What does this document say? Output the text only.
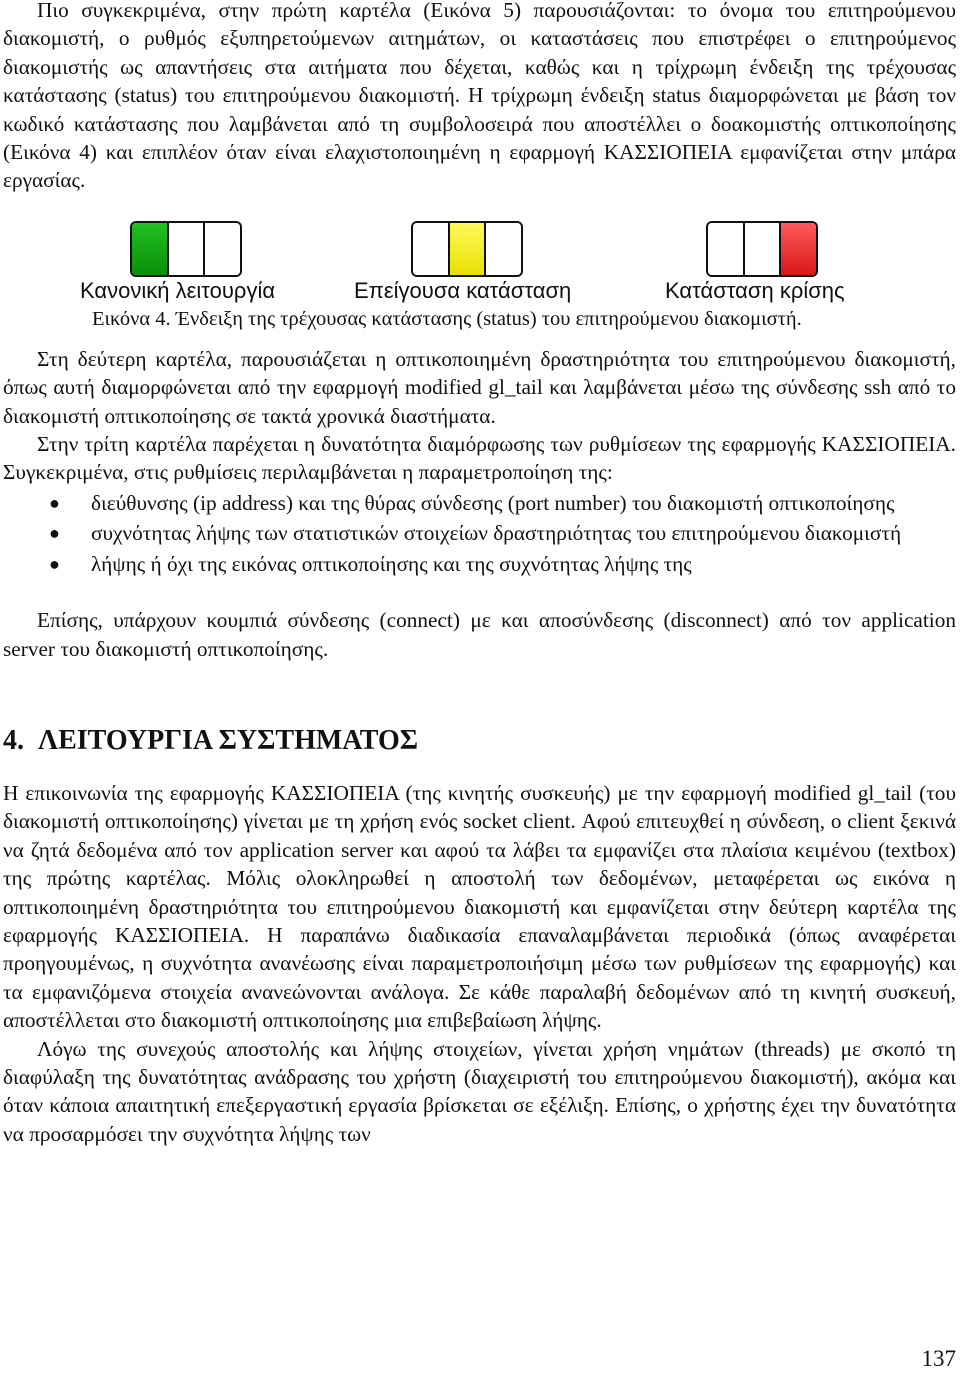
Πιο συγκεκριμένα, στην πρώτη καρτέλα (Εικόνα 5) παρουσιάζονται: το όνομα του επιτηρούμενου διακομιστή, ο ρυθμός εξυπηρετούμενων αιτημάτων, οι καταστάσεις που επιστρέφει ο επιτηρούμενος διακομιστής ως απαντήσεις στα αιτήματα που δέχεται, καθώς και η τρίχρωμη ένδειξη της τρέχουσας κατάστασης (status) του επιτηρούμενου διακομιστή. Η τρίχρωμη ένδειξη status διαμορφώνεται με βάση τον κωδικό κατάστασης που λαμβάνεται από τη συμβολοσειρά που αποστέλλει ο δοακομιστής οπτικοποίησης (Εικόνα 4) και επιπλέον όταν είναι ελαχιστοποιημένη η εφαρμογή ΚΑΣΣΙΟΠΕΙΑ εμφανίζεται στην μπάρα εργασίας.

Κανονική λειτουργία	Επείγουσα κατάσταση	Κατάσταση κρίσης
Εικόνα 4. Ένδειξη της τρέχουσας κατάστασης (status) του επιτηρούμενου διακομιστή.

Στη δεύτερη καρτέλα, παρουσιάζεται η οπτικοποιημένη δραστηριότητα του επιτηρούμενου διακομιστή, όπως αυτή διαμορφώνεται από την εφαρμογή modified gl_tail και λαμβάνεται μέσω της σύνδεσης ssh από το διακομιστή οπτικοποίησης σε τακτά χρονικά διαστήματα.

Στην τρίτη καρτέλα παρέχεται η δυνατότητα διαμόρφωσης των ρυθμίσεων της εφαρμογής ΚΑΣΣΙΟΠΕΙΑ. Συγκεκριμένα, στις ρυθμίσεις περιλαμβάνεται η παραμετροποίηση της:

● διεύθυνσης (ip address) και της θύρας σύνδεσης (port number) του διακομιστή οπτικοποίησης
● συχνότητας λήψης των στατιστικών στοιχείων δραστηριότητας του επιτηρούμενου διακομιστή
● λήψης ή όχι της εικόνας οπτικοποίησης και της συχνότητας λήψης της

Επίσης, υπάρχουν κουμπιά σύνδεσης (connect) με και αποσύνδεσης (disconnect) από τον application server του διακομιστή οπτικοποίησης.

4. ΛΕΙΤΟΥΡΓΙΑ ΣΥΣΤΗΜΑΤΟΣ

Η επικοινωνία της εφαρμογής ΚΑΣΣΙΟΠΕΙΑ (της κινητής συσκευής) με την εφαρμογή modified gl_tail (του διακομιστή οπτικοποίησης) γίνεται με τη χρήση ενός socket client. Αφού επιτευχθεί η σύνδεση, ο client ξεκινά να ζητά δεδομένα από τον application server και αφού τα λάβει τα εμφανίζει στα πλαίσια κειμένου (textbox) της πρώτης καρτέλας. Μόλις ολοκληρωθεί η αποστολή των δεδομένων, μεταφέρεται ως εικόνα η οπτικοποιημένη δραστηριότητα του επιτηρούμενου διακομιστή και εμφανίζεται στην δεύτερη καρτέλα της εφαρμογής ΚΑΣΣΙΟΠΕΙΑ. Η παραπάνω διαδικασία επαναλαμβάνεται περιοδικά (όπως αναφέρεται προηγουμένως, η συχνότητα ανανέωσης είναι παραμετροποιήσιμη μέσω των ρυθμίσεων της εφαρμογής) και τα εμφανιζόμενα στοιχεία ανανεώνονται ανάλογα. Σε κάθε παραλαβή δεδομένων από τη κινητή συσκευή, αποστέλλεται στο διακομιστή οπτικοποίησης μια επιβεβαίωση λήψης.

Λόγω της συνεχούς αποστολής και λήψης στοιχείων, γίνεται χρήση νημάτων (threads) με σκοπό τη διαφύλαξη της δυνατότητας ανάδρασης του χρήστη (διαχειριστή του επιτηρούμενου διακομιστή), ακόμα και όταν κάποια απαιτητική επεξεργαστική εργασία βρίσκεται σε εξέλιξη. Επίσης, ο χρήστης έχει την δυνατότητα να προσαρμόσει την συχνότητα λήψης των

137
